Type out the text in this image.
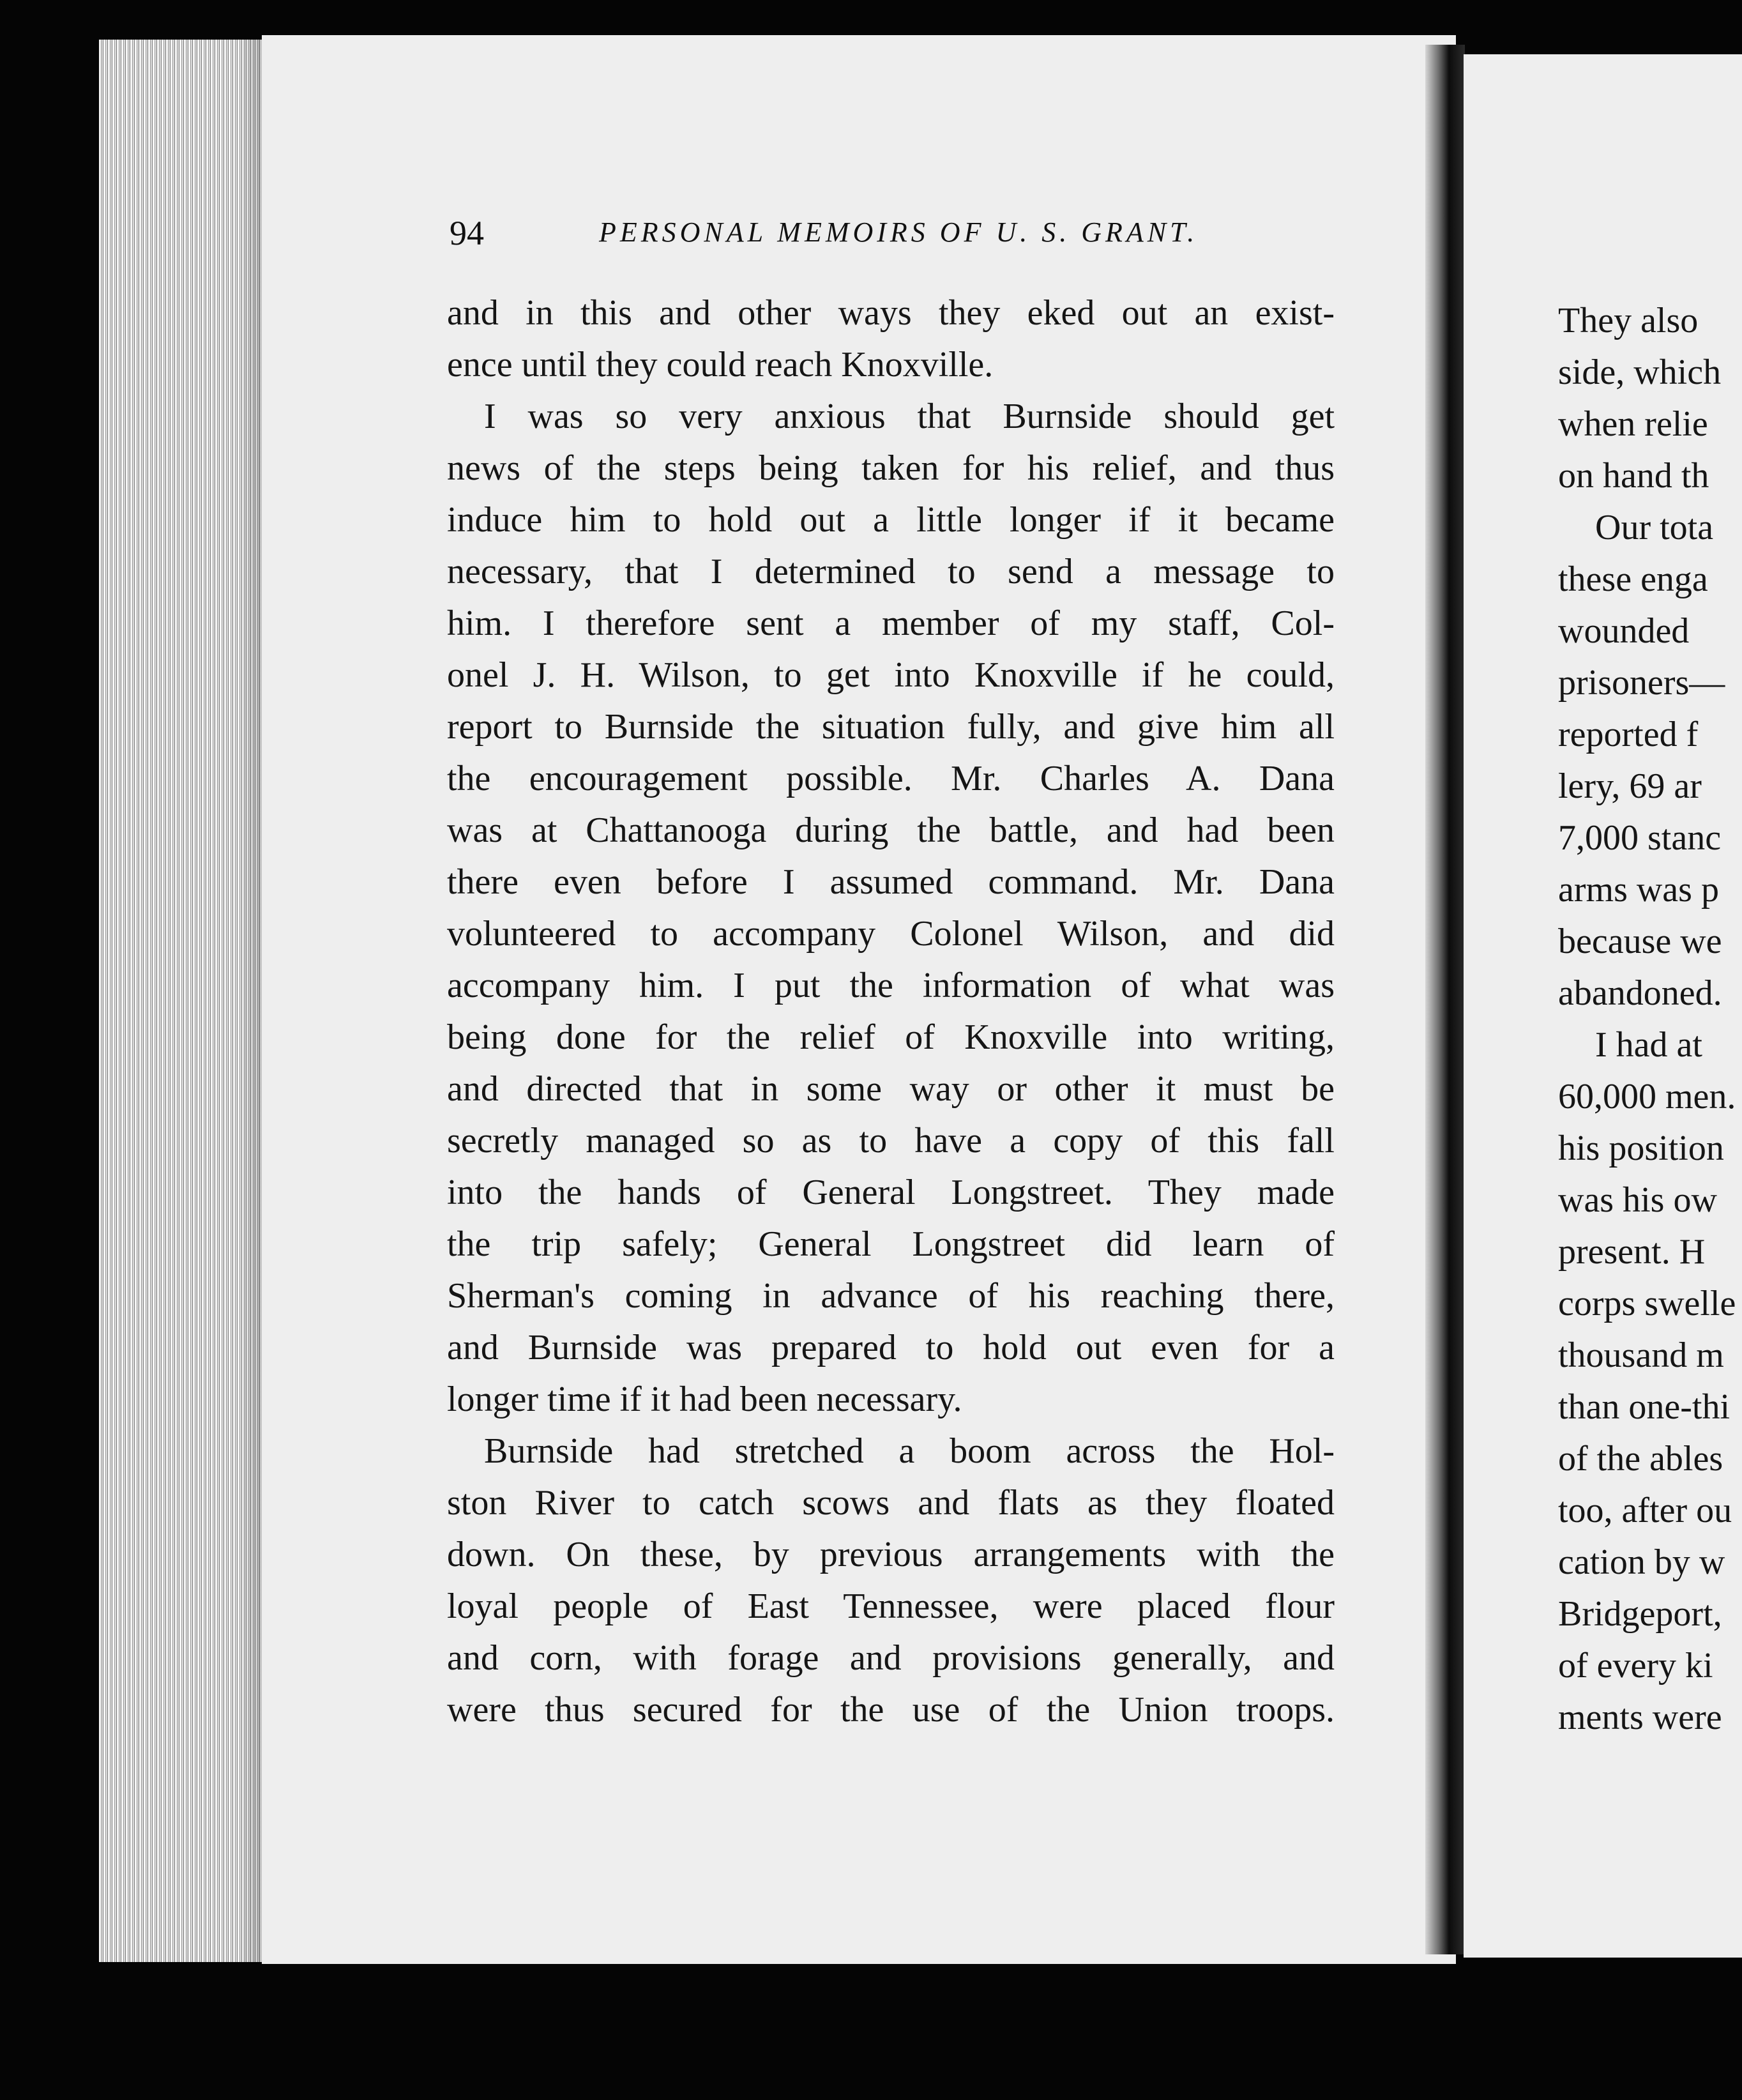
94	PERSONAL MEMOIRS OF U. S. GRANT.
and in this and other ways they eked out an exist-
ence until they could reach Knoxville.
I was so very anxious that Burnside should get
news of the steps being taken for his relief, and thus
induce him to hold out a little longer if it became
necessary, that I determined to send a message to
him. I therefore sent a member of my staff, Col-
onel J. H. Wilson, to get into Knoxville if he could,
report to Burnside the situation fully, and give him all
the encouragement possible. Mr. Charles A. Dana
was at Chattanooga during the battle, and had been
there even before I assumed command. Mr. Dana
volunteered to accompany Colonel Wilson, and did
accompany him. I put the information of what was
being done for the relief of Knoxville into writing,
and directed that in some way or other it must be
secretly managed so as to have a copy of this fall
into the hands of General Longstreet. They made
the trip safely; General Longstreet did learn of
Sherman's coming in advance of his reaching there,
and Burnside was prepared to hold out even for a
longer time if it had been necessary.
Burnside had stretched a boom across the Hol-
ston River to catch scows and flats as they floated
down. On these, by previous arrangements with the
loyal people of East Tennessee, were placed flour
and corn, with forage and provisions generally, and
were thus secured for the use of the Union troops.
They also
side, which
when relie
on hand th
Our tota
these enga
wounded
prisoners—
reported f
lery, 69 ar
7,000 stanc
arms was p
because we
abandoned.
I had at
60,000 men.
his position
was his ow
present. H
corps swelle
thousand m
than one-thi
of the ables
too, after ou
cation by w
Bridgeport,
of every ki
ments were
